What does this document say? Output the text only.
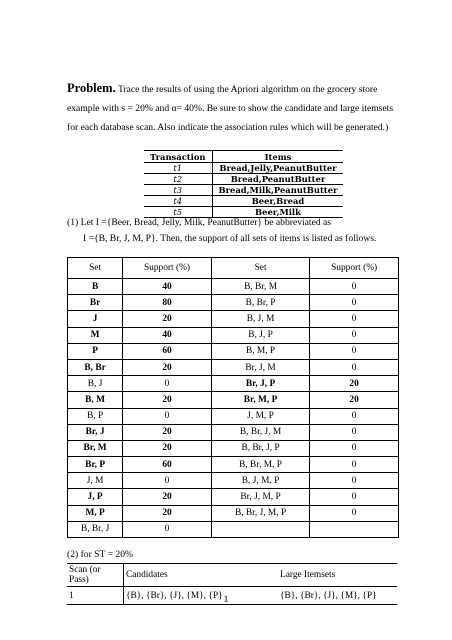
Problem. Trace the results of using the Apriori algorithm on the grocery store example with s = 20% and α= 40%. Be sure to show the candidate and large itemsets for each database scan. Also indicate the association rules which will be generated.)
Transaction	Items
t1	Bread,Jelly,PeanutButter
t2	Bread,PeanutButter
t3	Bread,Milk,PeanutButter
t4	Beer,Bread
t5	Beer,Milk
(1) Let I ={Beer, Bread, Jelly, Milk, PeanutButter} be abbreviated as
I ={B, Br, J, M, P}. Then, the support of all sets of items is listed as follows.
Set	Support (%)	Set	Support (%)
B	40	B, Br, M	0
Br	80	B, Br, P	0
J	20	B, J, M	0
M	40	B, J, P	0
P	60	B, M, P	0
B, Br	20	Br, J, M	0
B, J	0	Br, J, P	20
B, M	20	Br, M, P	20
B, P	0	J, M, P	0
Br, J	20	B, Br, J, M	0
Br, M	20	B, Br, J, P	0
Br, P	60	B, Br, M, P	0
J, M	0	B, J, M, P	0
J, P	20	Br, J, M, P	0
M, P	20	B, Br, J, M, P	0
B, Br, J	0		
(2) for ST = 20%
Scan (or Pass)	Candidates	Large Itemsets
1	{B}, {Br}, {J}, {M}, {P}	{B}, {Br}, {J}, {M}, {P}
1
